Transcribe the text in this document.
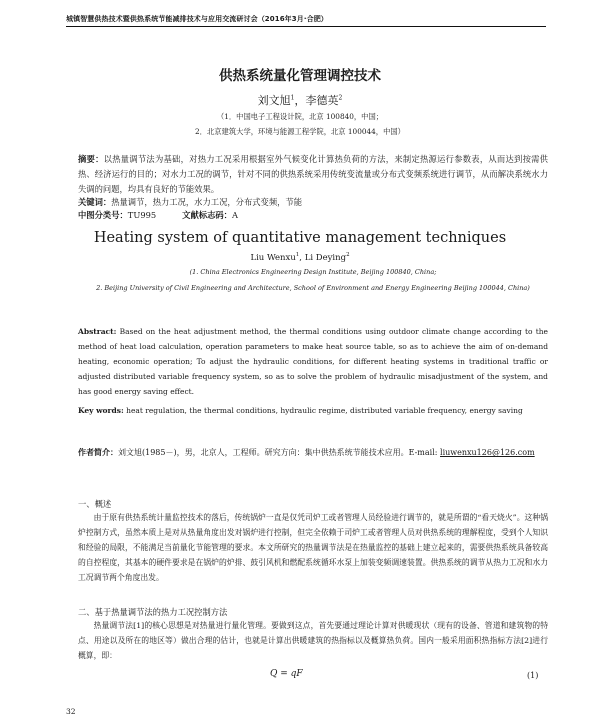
城镇智慧供热技术暨供热系统节能减排技术与应用交流研讨会（2016年3月·合肥）
供热系统量化管理调控技术
刘文旭$^1$，李德英$^2$
（1．中国电子工程设计院，北京 100840，中国；
2．北京建筑大学，环境与能源工程学院，北京 100044，中国）
摘要：以热量调节法为基础，对热力工况采用根据室外气候变化计算热负荷的方法，来制定热源运行参数表，从而达到按需供热、经济运行的目的；对水力工况的调节，针对不同的供热系统采用传统变流量或分布式变频系统进行调节，从而解决系统水力失调的问题，均具有良好的节能效果。
关键词：热量调节，热力工况，水力工况，分布式变频，节能
中图分类号：TU995	文献标志码：A
Heating system of quantitative management techniques
Liu Wenxu$^1$, Li Deying$^2$
(1. China Electronics Engineering Design Institute, Beijing 100840, China;
2. Beijing University of Civil Engineering and Architecture, School of Environment and Energy Engineering Beijing 100044, China)
Abstract: Based on the heat adjustment method, the thermal conditions using outdoor climate change according to the method of heat load calculation, operation parameters to make heat source table, so as to achieve the aim of on-demand heating, economic operation; To adjust the hydraulic conditions, for different heating systems in traditional traffic or adjusted distributed variable frequency system, so as to solve the problem of hydraulic misadjustment of the system, and has good energy saving effect.
Key words: heat regulation, the thermal conditions, hydraulic regime, distributed variable frequency, energy saving
作者简介：刘文旭(1985－)，男，北京人，工程师。研究方向：集中供热系统节能技术应用。E-mail: liuwenxu126@126.com
一、概述
由于原有供热系统计量监控技术的落后，传统锅炉一直是仅凭司炉工或者管理人员经验进行调节的，就是所谓的“看天烧火”。这种锅炉控制方式，虽然本质上是对从热量角度出发对锅炉进行控制，但完全依赖于司炉工或者管理人员对供热系统的理解程度，受到个人知识和经验的局限，不能满足当前量化节能管理的要求。本文所研究的热量调节法是在热量监控的基础上建立起来的，需要供热系统具备较高的自控程度，其基本的硬件要求是在锅炉的炉排、鼓引风机和燃配系统循环水泵上加装变频调速装置。供热系统的调节从热力工况和水力工况调节两个角度出发。
二、基于热量调节法的热力工况控制方法
热量调节法[1]的核心思想是对热量进行量化管理。要做到这点，首先要通过理论计算对供暖现状（现有的设备、管道和建筑物的特点、用途以及所在的地区等）做出合理的估计，也就是计算出供暖建筑的热指标以及概算热负荷。国内一般采用面积热指标方法[2]进行概算，即：
Q = qF	(1)
32
